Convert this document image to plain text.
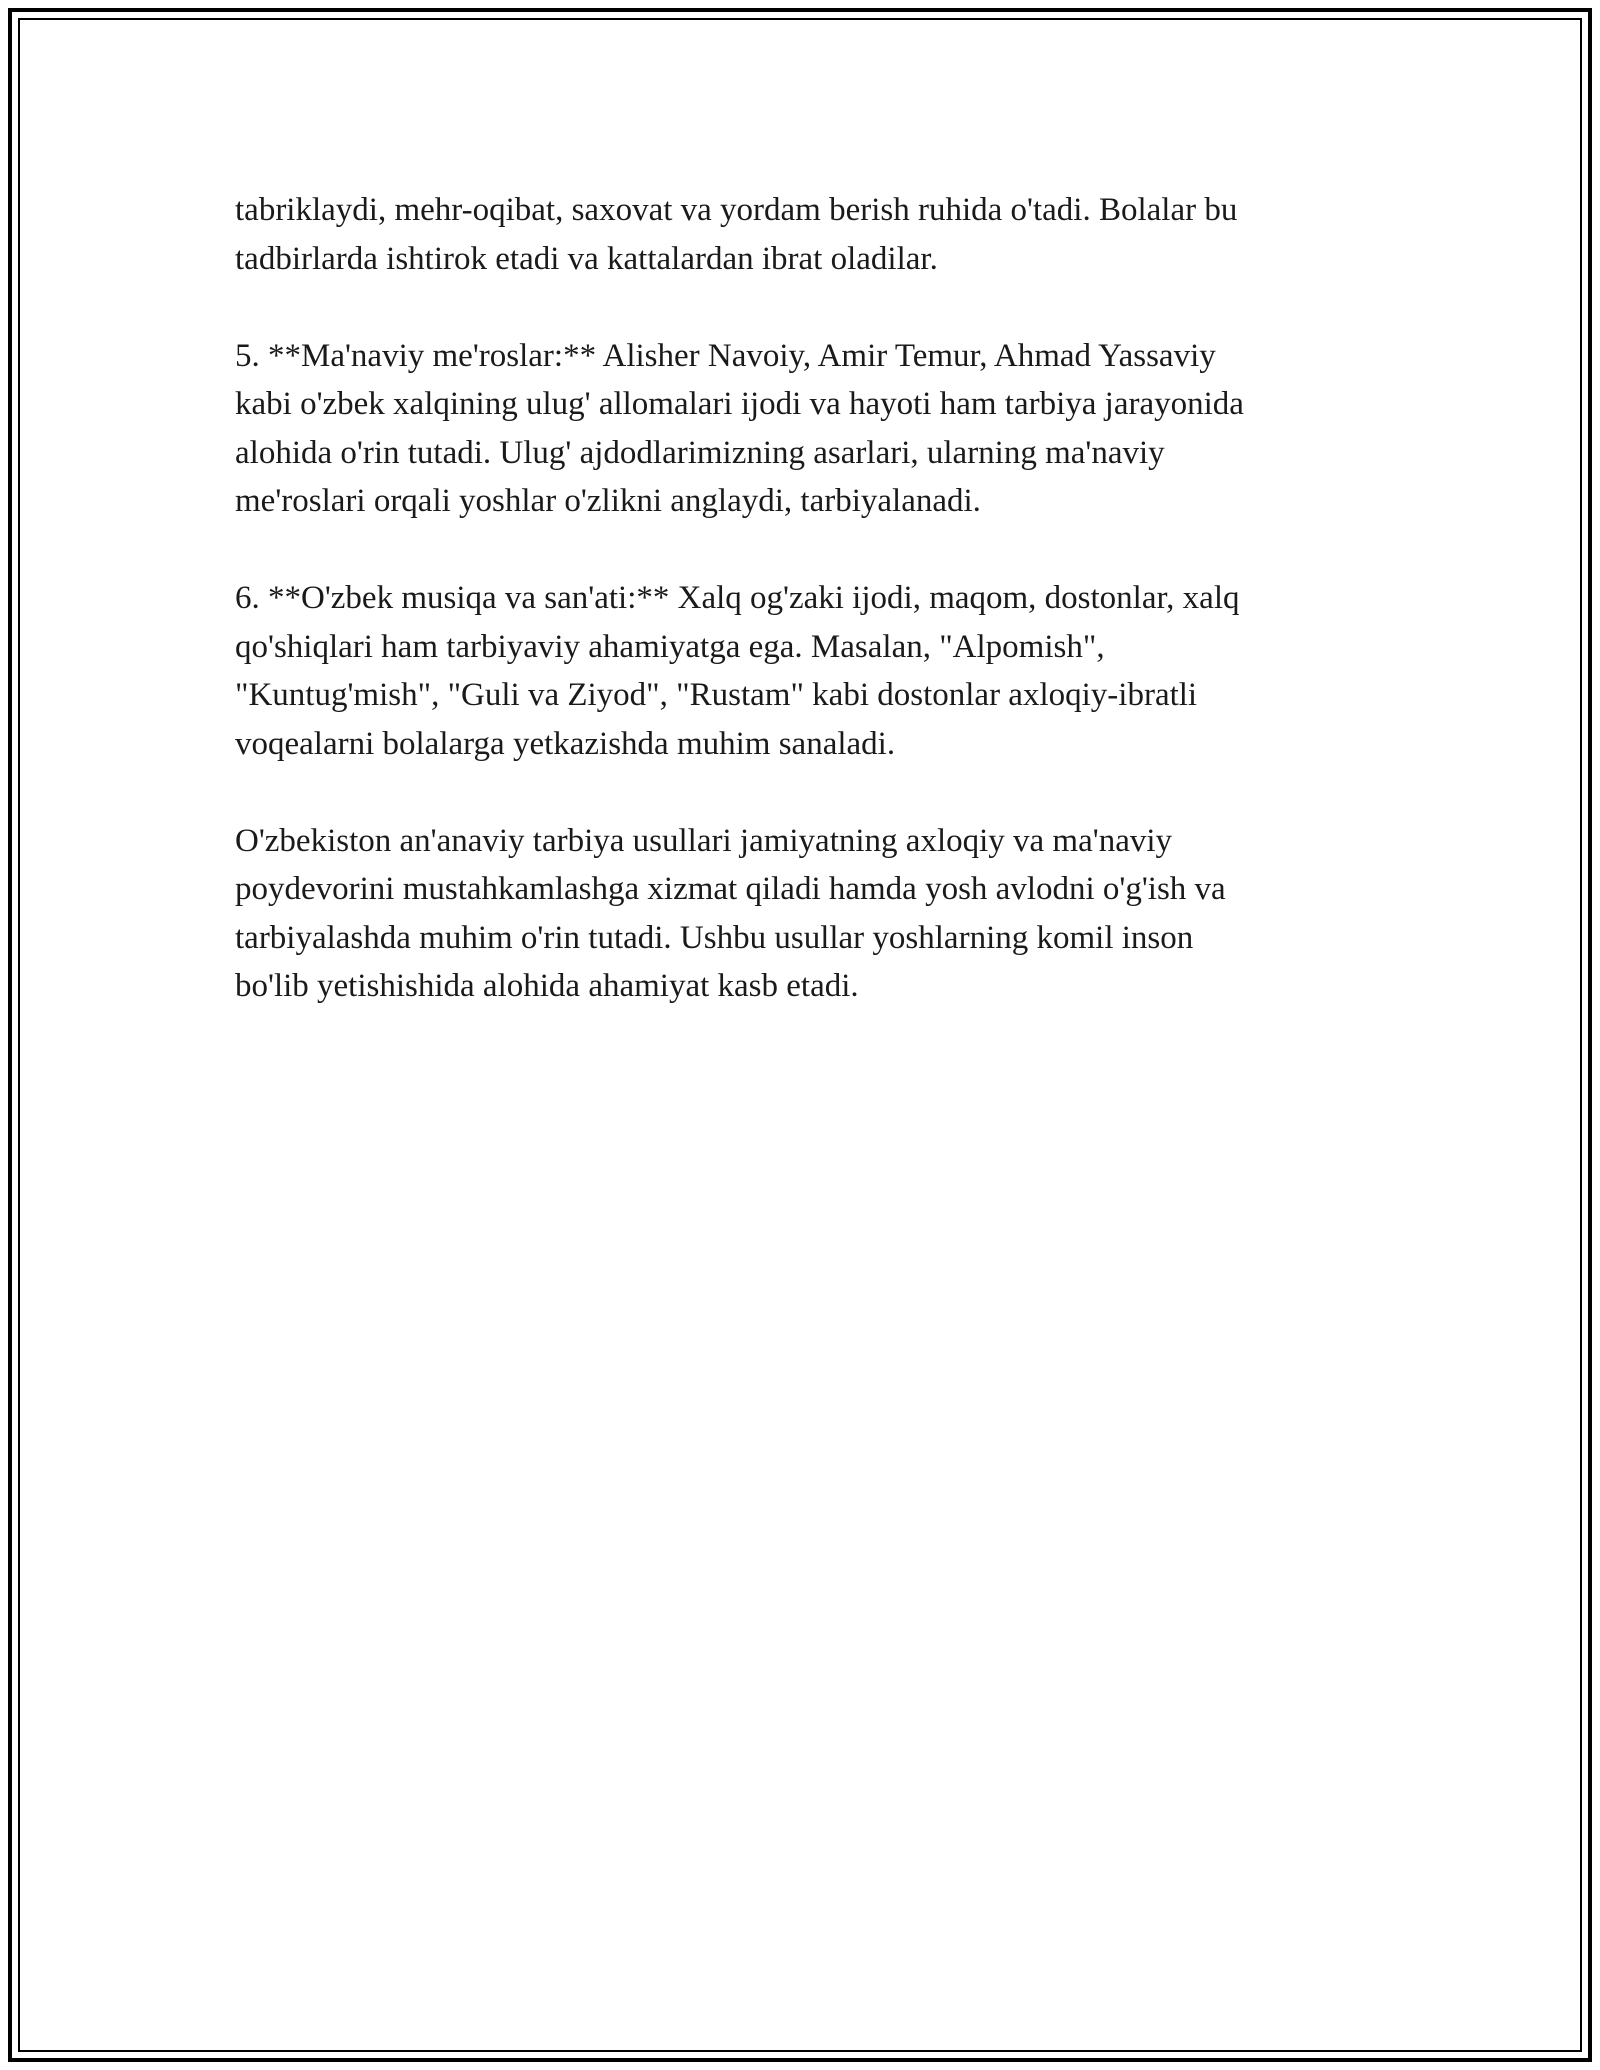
tabriklaydi, mehr-oqibat, saxovat va yordam berish ruhida o'tadi. Bolalar bu
tadbirlarda ishtirok etadi va kattalardan ibrat oladilar.

5. **Ma'naviy me'roslar:** Alisher Navoiy, Amir Temur, Ahmad Yassaviy
kabi o'zbek xalqining ulug' allomalari ijodi va hayoti ham tarbiya jarayonida
alohida o'rin tutadi. Ulug' ajdodlarimizning asarlari, ularning ma'naviy
me'roslari orqali yoshlar o'zlikni anglaydi, tarbiyalanadi.

6. **O'zbek musiqa va san'ati:** Xalq og'zaki ijodi, maqom, dostonlar, xalq
qo'shiqlari ham tarbiyaviy ahamiyatga ega. Masalan, "Alpomish",
"Kuntug'mish", "Guli va Ziyod", "Rustam" kabi dostonlar axloqiy-ibratli
voqealarni bolalarga yetkazishda muhim sanaladi.

O'zbekiston an'anaviy tarbiya usullari jamiyatning axloqiy va ma'naviy
poydevorini mustahkamlashga xizmat qiladi hamda yosh avlodni o'g'ish va
tarbiyalashda muhim o'rin tutadi. Ushbu usullar yoshlarning komil inson
bo'lib yetishishida alohida ahamiyat kasb etadi.
